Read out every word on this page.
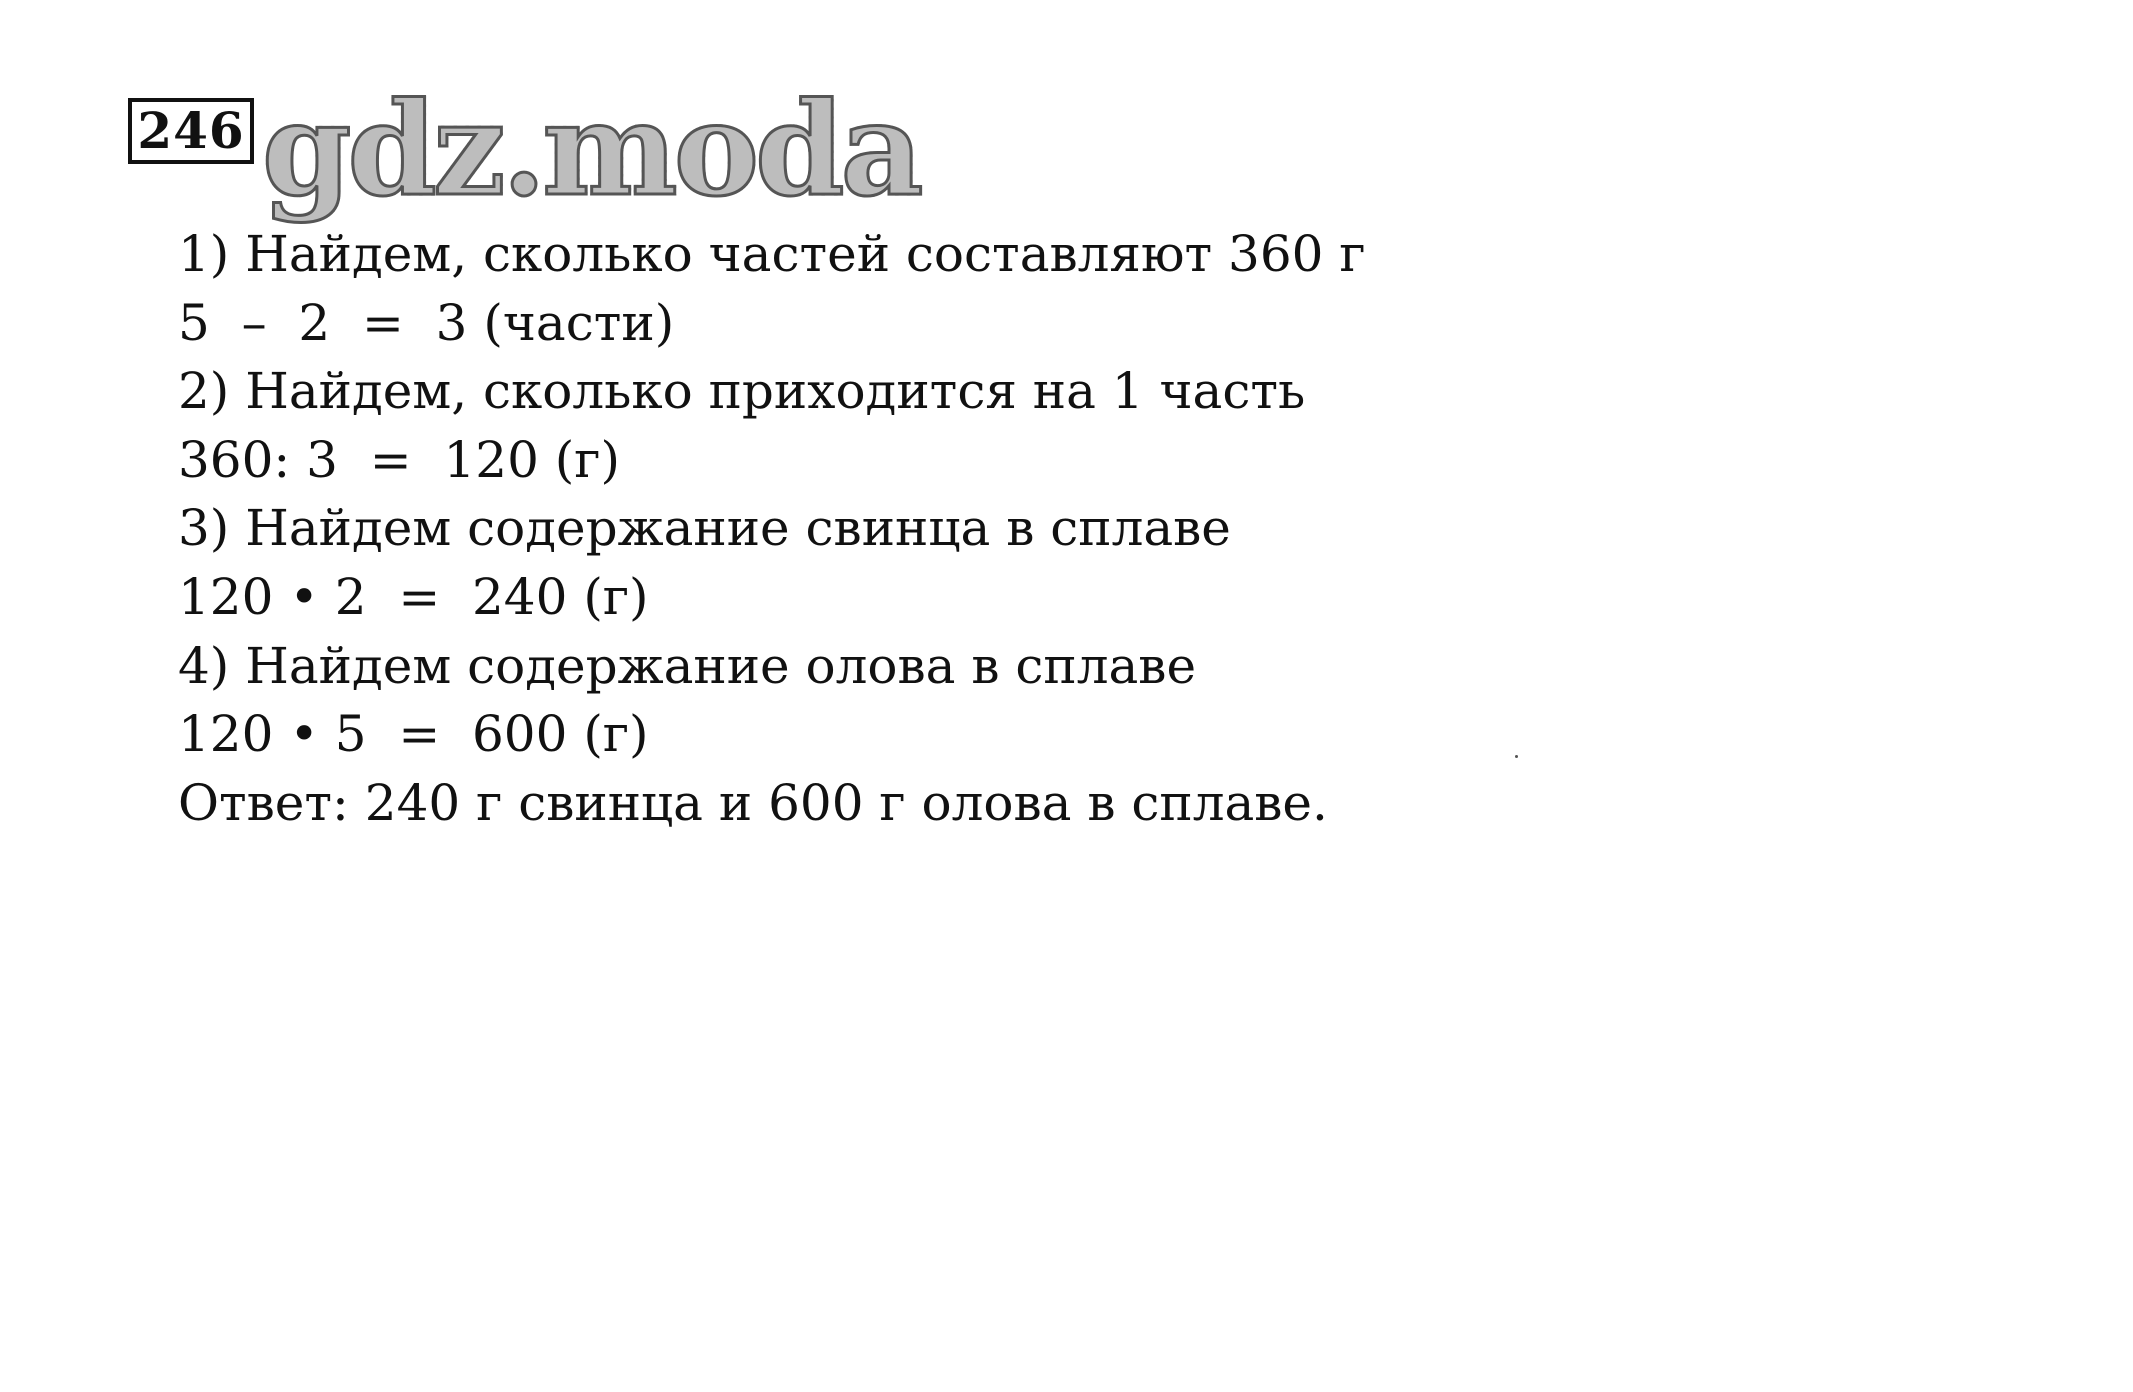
246 gdz.moda
1) Найдем, сколько частей составляют 360 г
5  –  2  =  3 (части)
2) Найдем, сколько приходится на 1 часть
360: 3  =  120 (г)
3) Найдем содержание свинца в сплаве
120 • 2  =  240 (г)
4) Найдем содержание олова в сплаве
120 • 5  =  600 (г)
Ответ: 240 г свинца и 600 г олова в сплаве.
